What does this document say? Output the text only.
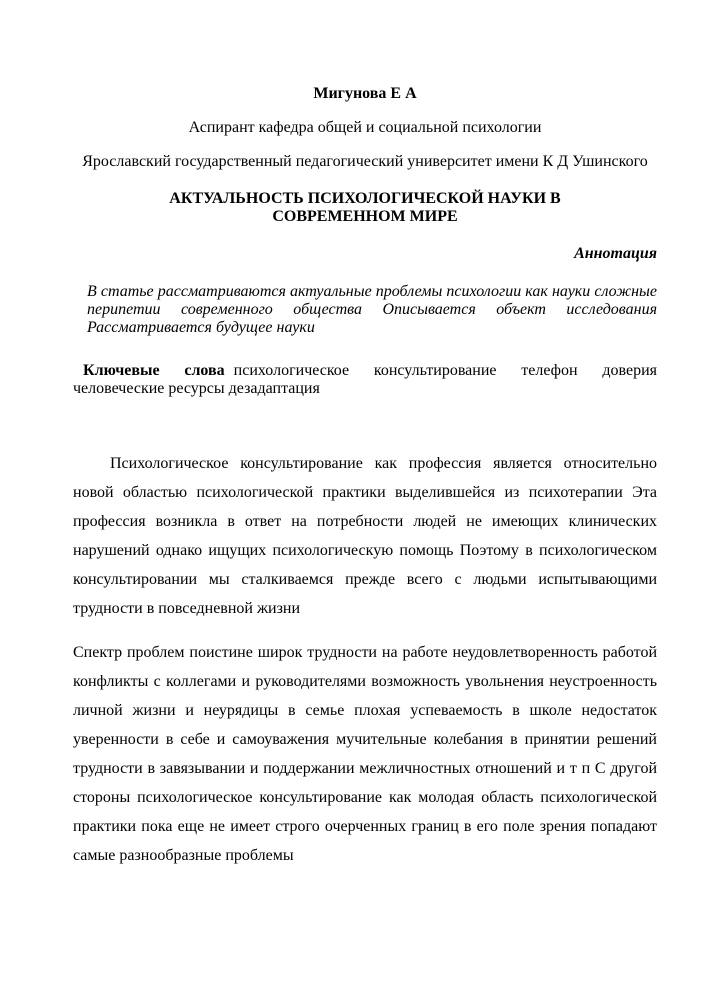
Мигунова Е А
Аспирант кафедра общей и социальной психологии
Ярославский государственный педагогический университет имени К Д Ушинского
АКТУАЛЬНОСТЬ ПСИХОЛОГИЧЕСКОЙ НАУКИ В СОВРЕМЕННОМ МИРЕ
Аннотация
В статье рассматриваются актуальные проблемы психологии как науки сложные перипетии современного общества Описывается объект исследования Рассматривается будущее науки
Ключевые слова психологическое консультирование телефон доверия человеческие ресурсы дезадаптация
Психологическое консультирование как профессия является относительно новой областью психологической практики выделившейся из психотерапии Эта профессия возникла в ответ на потребности людей не имеющих клинических нарушений однако ищущих психологическую помощь Поэтому в психологическом консультировании мы сталкиваемся прежде всего с людьми испытывающими трудности в повседневной жизни
Спектр проблем поистине широк трудности на работе неудовлетворенность работой конфликты с коллегами и руководителями возможность увольнения неустроенность личной жизни и неурядицы в семье плохая успеваемость в школе недостаток уверенности в себе и самоуважения мучительные колебания в принятии решений трудности в завязывании и поддержании межличностных отношений и т п С другой стороны психологическое консультирование как молодая область психологической практики пока еще не имеет строго очерченных границ в его поле зрения попадают самые разнообразные проблемы
